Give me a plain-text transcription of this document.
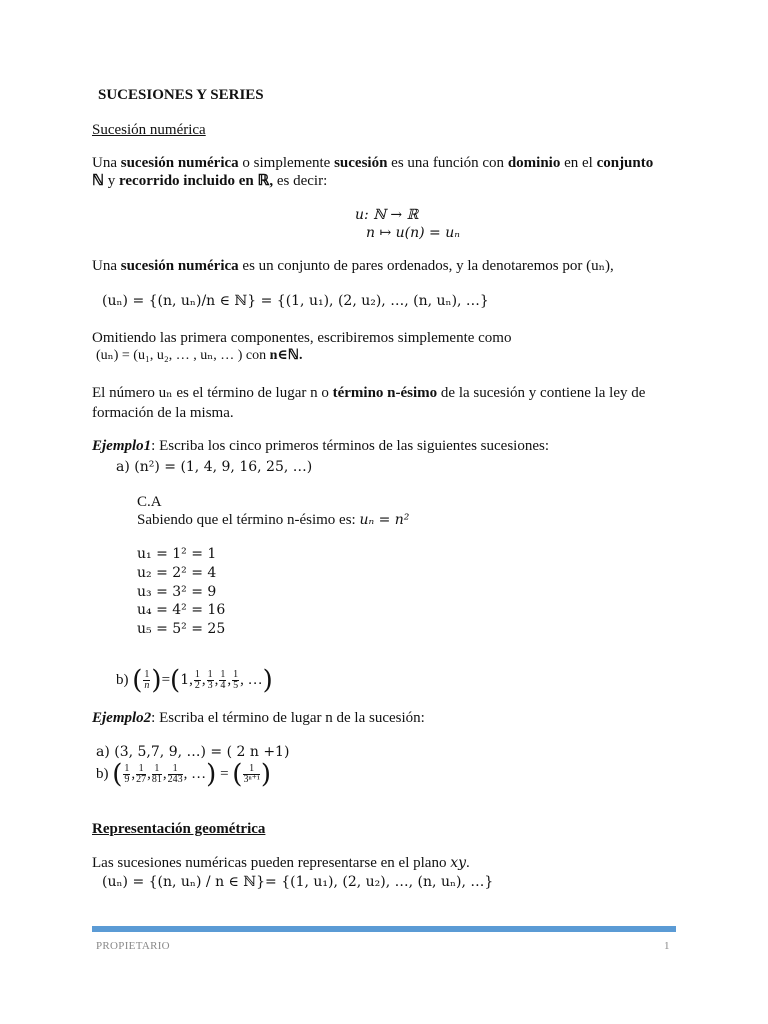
SUCESIONES Y SERIES
Sucesión numérica
Una sucesión numérica o simplemente sucesión es una función con dominio en el conjunto
ℕ y recorrido incluido en ℝ, es decir:
u: ℕ → ℝ
n ↦ u(n) = uₙ
Una sucesión numérica es un conjunto de pares ordenados, y la denotaremos por (uₙ),
(uₙ) = {(n, uₙ)/n ∈ ℕ} = {(1, u₁), (2, u₂), …, (n, uₙ), …}
Omitiendo las primera componentes, escribiremos simplemente como
(uₙ) = (u₁, u₂, … , uₙ, … ) con n∈ℕ.
El número uₙ es el término de lugar n o término n-ésimo de la sucesión y contiene la ley de
formación de la misma.
Ejemplo1: Escriba los cinco primeros términos de las siguientes sucesiones:
a) (n²) = (1, 4, 9, 16, 25, …)
C.A
Sabiendo que el término n-ésimo es: uₙ = n²
u₁ = 1² = 1
u₂ = 2² = 4
u₃ = 3² = 9
u₄ = 4² = 16
u₅ = 5² = 25
b) ( $\frac{1}{n} )=(1$, $\frac{1}{2}$ , $\frac{1}{3}$ , $\frac{1}{4}$ , $\frac{1}{5}$ , …)
Ejemplo2: Escriba el término de lugar n de la sucesión:
a) (3, 5,7, 9, …) = ( 2 n +1)
b) ( $\frac{1}{9}$ , $\frac{1}{27}$ , $\frac{1}{81}$ , $\frac{1}{243}$ , …) = ( $\frac{1}{\text{3ⁿ⁺¹}}$ )
Representación geométrica
Las sucesiones numéricas pueden representarse en el plano xy.
(uₙ) = {(n, uₙ) / n ∈ ℕ}= {(1, u₁), (2, u₂), …, (n, uₙ), …}
PROPIETARIO	1
